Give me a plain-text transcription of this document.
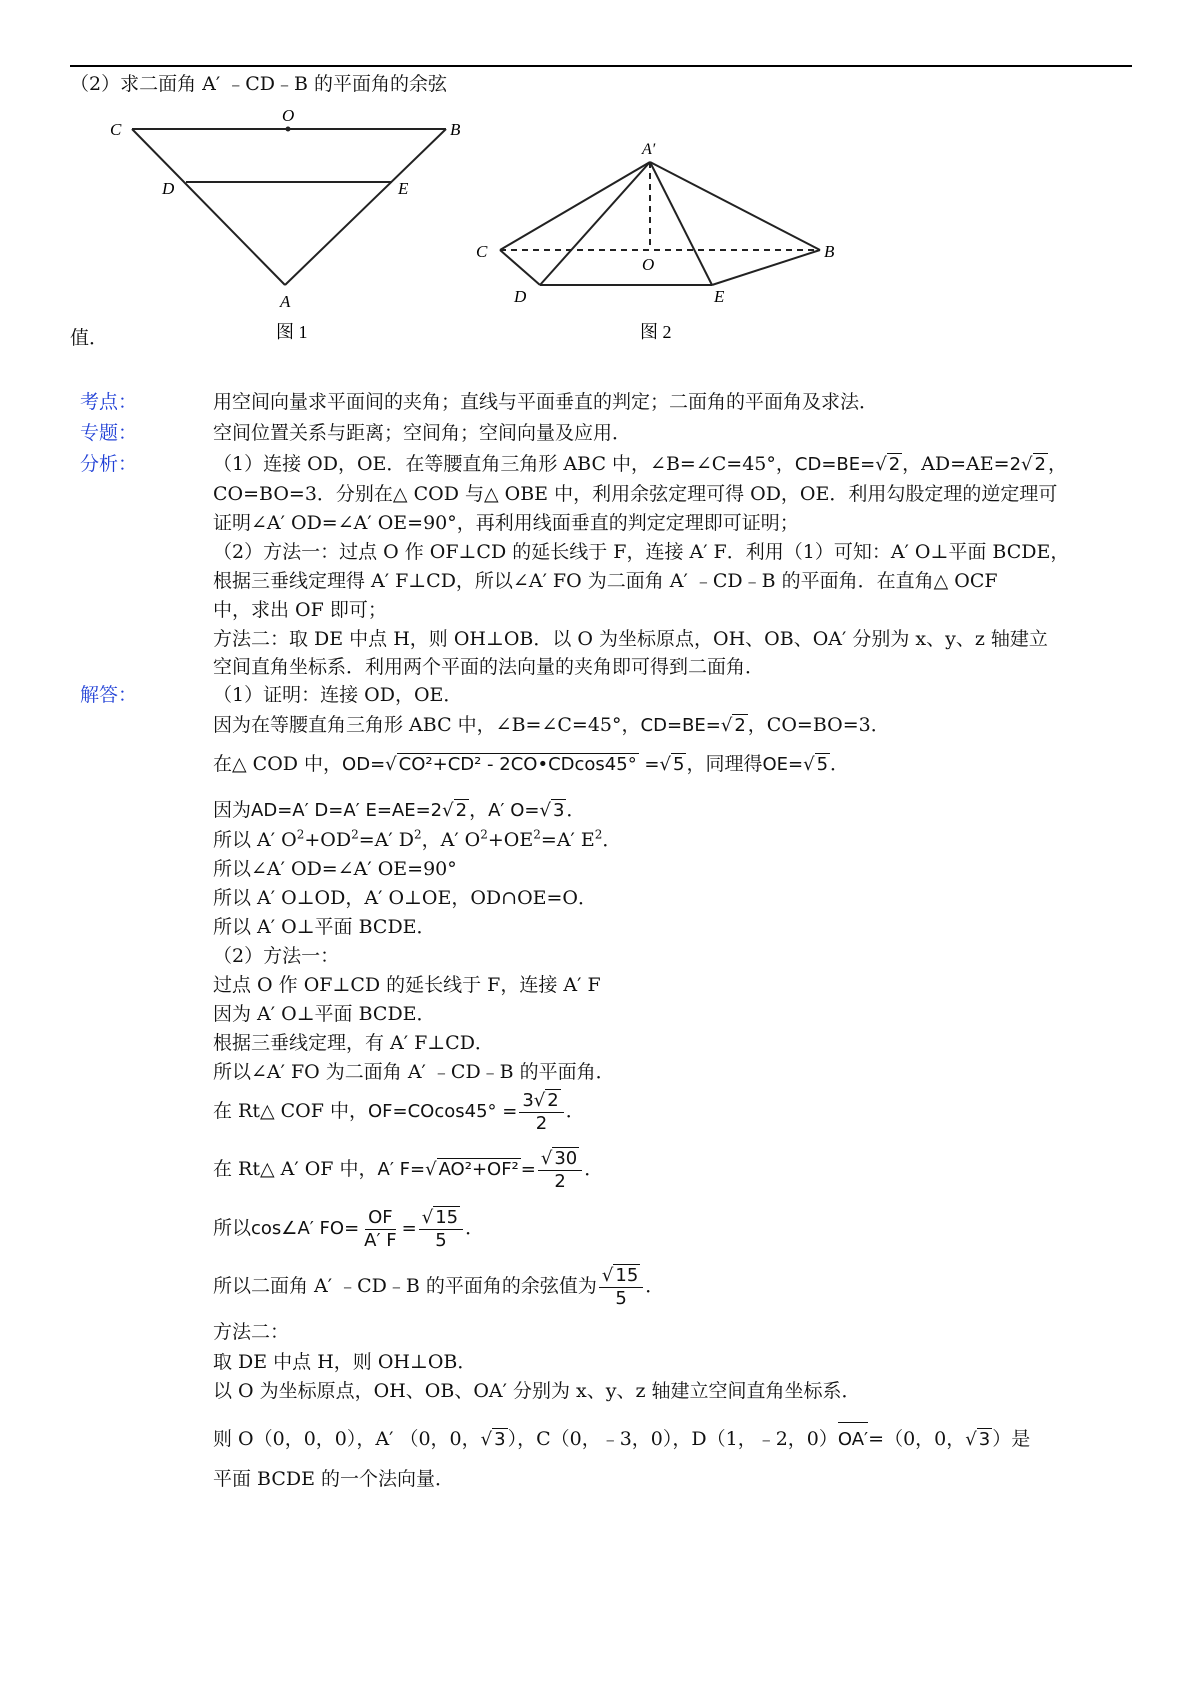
（2）求二面角 A′ ﹣CD﹣B 的平面角的余弦
C
O
B
D	E
A
图 1
A′
C
O
B
D	E
图 2
值．
考点：
专题：
分析：
解答：
用空间向量求平面间的夹角；直线与平面垂直的判定；二面角的平面角及求法．
空间位置关系与距离；空间角；空间向量及应用．
（1）连接 OD，OE．在等腰直角三角形 ABC 中，∠B=∠C=45°，CD=BE=√ 2 ，AD=AE=2√ 2 ，
CO=BO=3．分别在△ COD 与△ OBE 中，利用余弦定理可得 OD，OE．利用勾股定理的逆定理可
证明∠A′ OD=∠A′ OE=90°，再利用线面垂直的判定定理即可证明；
（2）方法一：过点 O 作 OF⊥CD 的延长线于 F，连接 A′ F．利用（1）可知：A′ O⊥平面 BCDE，
根据三垂线定理得 A′ F⊥CD，所以∠A′ FO 为二面角 A′ ﹣CD﹣B 的平面角．在直角△ OCF
中，求出 OF 即可；
方法二：取 DE 中点 H，则 OH⊥OB．以 O 为坐标原点，OH、OB、OA′ 分别为 x、y、z 轴建立
空间直角坐标系．利用两个平面的法向量的夹角即可得到二面角．
（1）证明：连接 OD，OE．
因为在等腰直角三角形 ABC 中，∠B=∠C=45°，CD=BE=√ 2 ，CO=BO=3．
在△ COD 中，OD=√ CO²+CD² - 2CO•CDcos45° =√ 5 ，同理得OE=√ 5 ．
因为AD=A′ D=A′ E=AE=2√ 2 ，A′ O=√ 3 ．
所以 A′ $O^2+OD^2=A'$ $D^2$，A′ $O^2+OE^2=A'$ $E^2$．
所以∠A′ OD=∠A′ OE=90°
所以 A′ O⊥OD，A′ O⊥OE，OD∩OE=O．
所以 A′ O⊥平面 BCDE．
（2）方法一：
过点 O 作 OF⊥CD 的延长线于 F，连接 A′ F
因为 A′ O⊥平面 BCDE．
根据三垂线定理，有 A′ F⊥CD．
所以∠A′ FO 为二面角 A′ ﹣CD﹣B 的平面角．
在 Rt△ COF 中，$OF=COcos45^\circ = \frac{3√ 2}{2}$ ．
在 Rt△ A′ OF 中，A′ F=√ $AO^2+OF^2 = \frac{√ 30}{2}$ ．
所以cos∠A′ $FO= \frac{OF}{A' F} = \frac{√ 15}{5}$ ．
所以二面角 A′ ﹣CD﹣B 的平面角的余弦值为 $\frac{√ 15}{5}$ ．
方法二：
取 DE 中点 H，则 OH⊥OB．
以 O 为坐标原点，OH、OB、OA′ 分别为 x、y、z 轴建立空间直角坐标系．
则 O（0，0，0），A′ （0，0，√ 3 ），C（0，﹣3，0），D（1，﹣2，0）
OA′=（0，0，√ 3 ）是
平面 BCDE 的一个法向量．
